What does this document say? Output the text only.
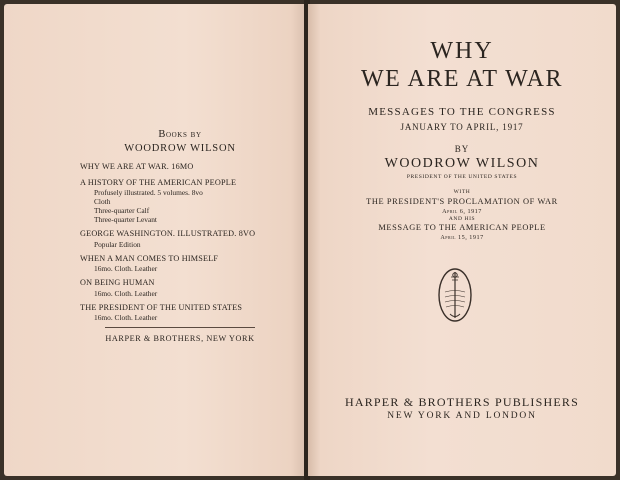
Books by
WOODROW WILSON
WHY WE ARE AT WAR. 16MO
A HISTORY OF THE AMERICAN PEOPLE
Profusely illustrated. 5 volumes. 8vo
Cloth
Three-quarter Calf
Three-quarter Levant
GEORGE WASHINGTON. ILLUSTRATED. 8VO
Popular Edition
WHEN A MAN COMES TO HIMSELF
16mo. Cloth. Leather
ON BEING HUMAN
16mo. Cloth. Leather
THE PRESIDENT OF THE UNITED STATES
16mo. Cloth. Leather
HARPER & BROTHERS, NEW YORK
WHY
WE ARE AT WAR
MESSAGES TO THE CONGRESS
JANUARY TO APRIL, 1917
BY
WOODROW WILSON
PRESIDENT OF THE UNITED STATES
WITH
THE PRESIDENT'S PROCLAMATION OF WAR
April 6, 1917
AND HIS
MESSAGE TO THE AMERICAN PEOPLE
April 15, 1917
HARPER & BROTHERS PUBLISHERS
NEW YORK AND LONDON
